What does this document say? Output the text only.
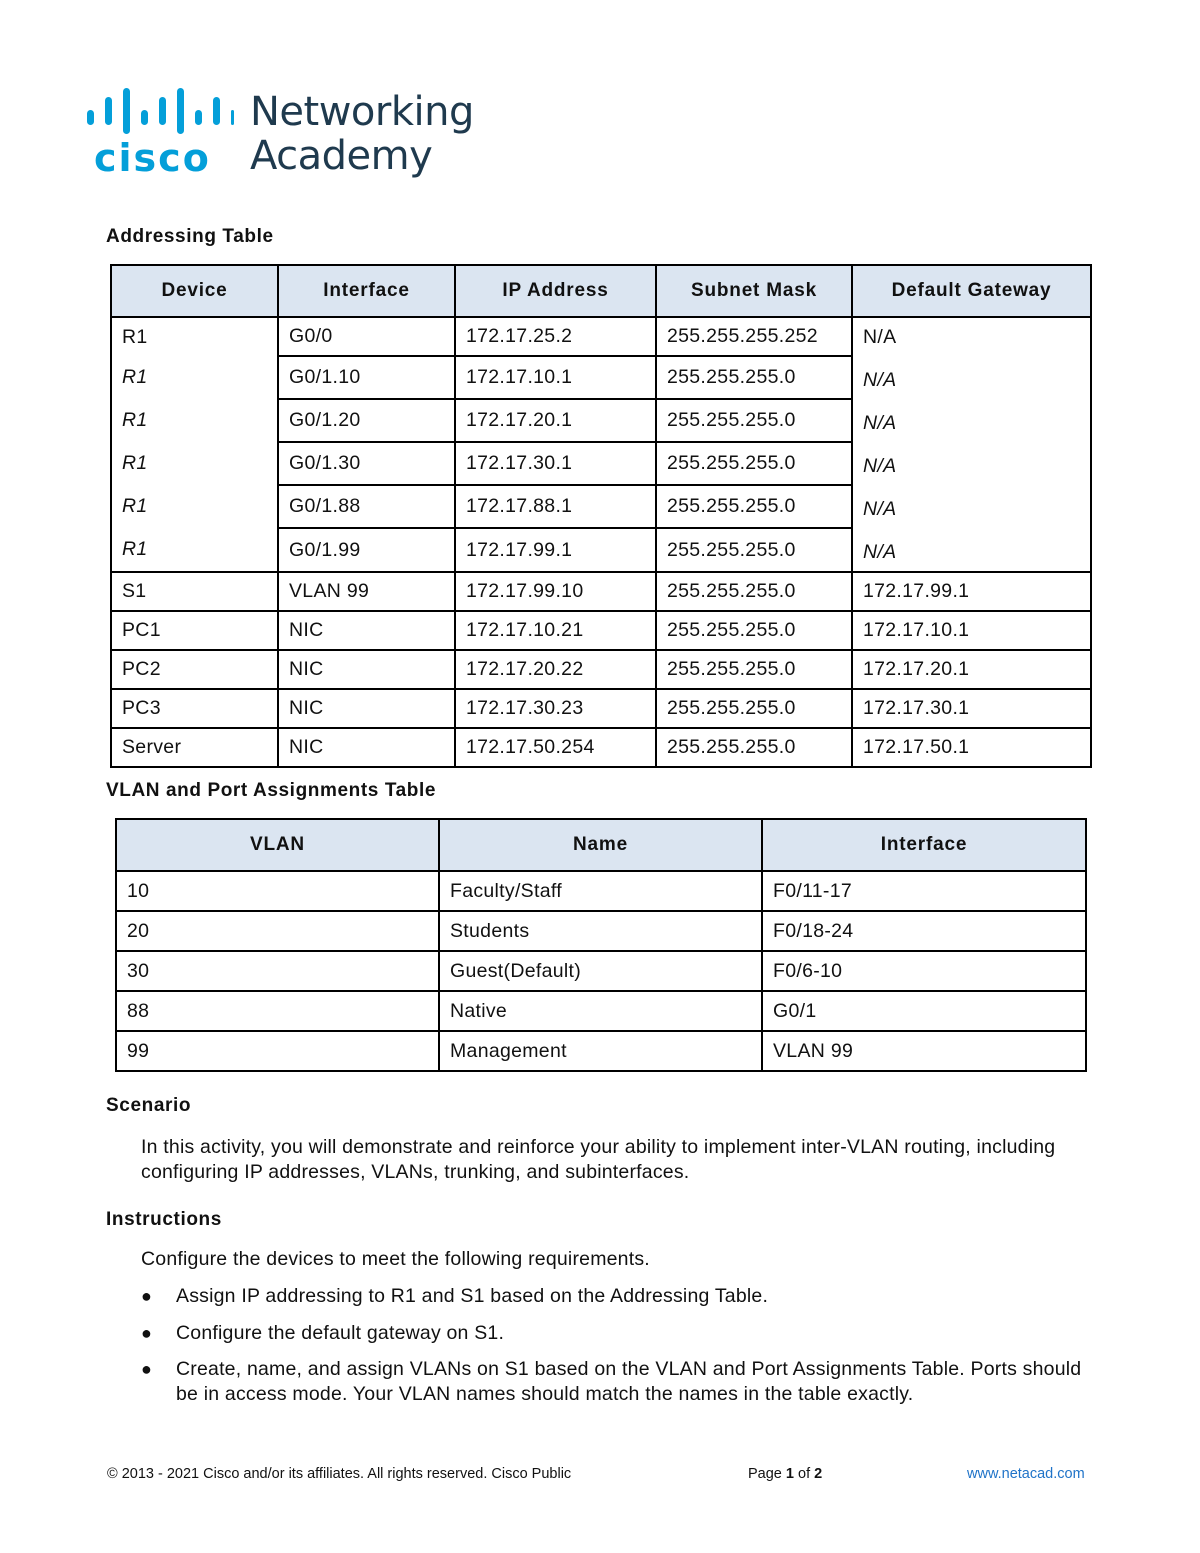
cisco
Networking
Academy
Addressing Table
Device	Interface	IP Address	Subnet Mask	Default Gateway
R1	G0/0	172.17.25.2	255.255.255.252	N/A
R1	G0/1.10	172.17.10.1	255.255.255.0	N/A
R1	G0/1.20	172.17.20.1	255.255.255.0	N/A
R1	G0/1.30	172.17.30.1	255.255.255.0	N/A
R1	G0/1.88	172.17.88.1	255.255.255.0	N/A
R1	G0/1.99	172.17.99.1	255.255.255.0	N/A
S1	VLAN 99	172.17.99.10	255.255.255.0	172.17.99.1
PC1	NIC	172.17.10.21	255.255.255.0	172.17.10.1
PC2	NIC	172.17.20.22	255.255.255.0	172.17.20.1
PC3	NIC	172.17.30.23	255.255.255.0	172.17.30.1
Server	NIC	172.17.50.254	255.255.255.0	172.17.50.1
VLAN and Port Assignments Table
VLAN	Name	Interface
10	Faculty/Staff	F0/11-17
20	Students	F0/18-24
30	Guest(Default)	F0/6-10
88	Native	G0/1
99	Management	VLAN 99
Scenario
In this activity, you will demonstrate and reinforce your ability to implement inter-VLAN routing, including configuring IP addresses, VLANs, trunking, and subinterfaces.
Instructions
Configure the devices to meet the following requirements.
● Assign IP addressing to R1 and S1 based on the Addressing Table.
● Configure the default gateway on S1.
● Create, name, and assign VLANs on S1 based on the VLAN and Port Assignments Table. Ports should be in access mode. Your VLAN names should match the names in the table exactly.
© 2013 - 2021 Cisco and/or its affiliates. All rights reserved. Cisco Public	Page 1 of 2	www.netacad.com
